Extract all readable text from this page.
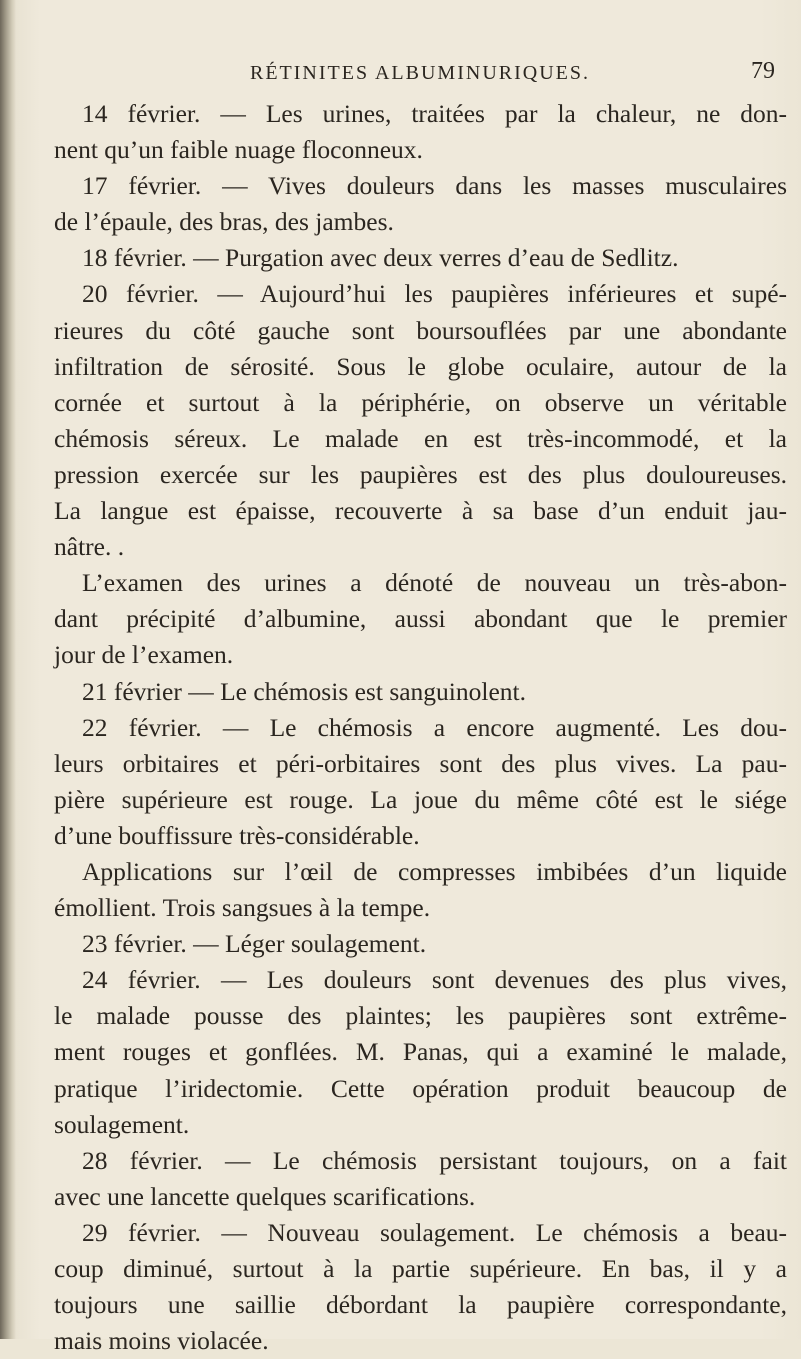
RÉTINITES ALBUMINURIQUES.	79
14 février. — Les urines, traitées par la chaleur, ne don-
nent qu’un faible nuage floconneux.
17 février. — Vives douleurs dans les masses musculaires
de l’épaule, des bras, des jambes.
18 février. — Purgation avec deux verres d’eau de Sedlitz.
20 février. — Aujourd’hui les paupières inférieures et supé-
rieures du côté gauche sont boursouflées par une abondante
infiltration de sérosité. Sous le globe oculaire, autour de la
cornée et surtout à la périphérie, on observe un véritable
chémosis séreux. Le malade en est très-incommodé, et la
pression exercée sur les paupières est des plus douloureuses.
La langue est épaisse, recouverte à sa base d’un enduit jau-
nâtre. .
L’examen des urines a dénoté de nouveau un très-abon-
dant précipité d’albumine, aussi abondant que le premier
jour de l’examen.
21 février — Le chémosis est sanguinolent.
22 février. — Le chémosis a encore augmenté. Les dou-
leurs orbitaires et péri-orbitaires sont des plus vives. La pau-
pière supérieure est rouge. La joue du même côté est le siége
d’une bouffissure très-considérable.
Applications sur l’œil de compresses imbibées d’un liquide
émollient. Trois sangsues à la tempe.
23 février. — Léger soulagement.
24 février. — Les douleurs sont devenues des plus vives,
le malade pousse des plaintes; les paupières sont extrême-
ment rouges et gonflées. M. Panas, qui a examiné le malade,
pratique l’iridectomie. Cette opération produit beaucoup de
soulagement.
28 février. — Le chémosis persistant toujours, on a fait
avec une lancette quelques scarifications.
29 février. — Nouveau soulagement. Le chémosis a beau-
coup diminué, surtout à la partie supérieure. En bas, il y a
toujours une saillie débordant la paupière correspondante,
mais moins violacée.
